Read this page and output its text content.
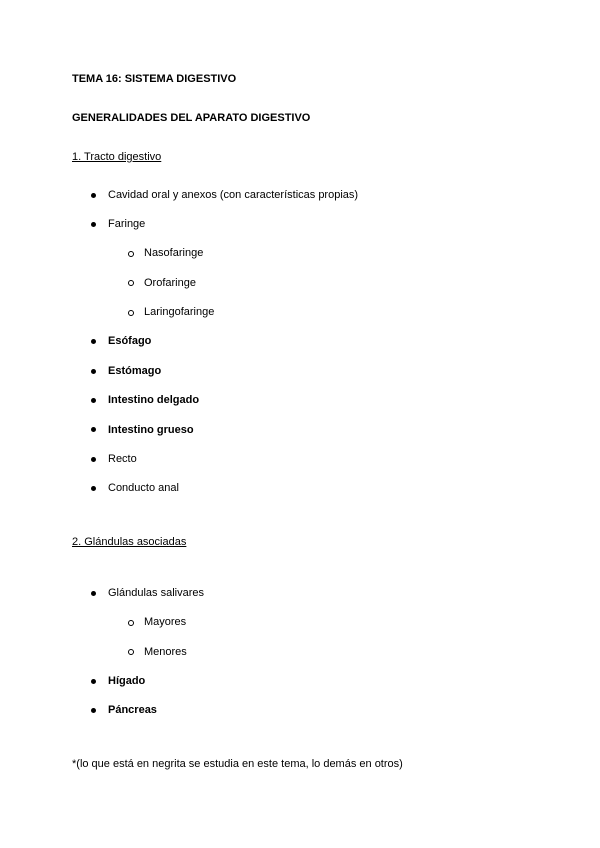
TEMA 16: SISTEMA DIGESTIVO
GENERALIDADES DEL APARATO DIGESTIVO
1. Tracto digestivo
Cavidad oral y anexos (con características propias)
Faringe
Nasofaringe
Orofaringe
Laringofaringe
Esófago
Estómago
Intestino delgado
Intestino grueso
Recto
Conducto anal
2. Glándulas asociadas
Glándulas salivares
Mayores
Menores
Hígado
Páncreas
*(lo que está en negrita se estudia en este tema, lo demás en otros)
